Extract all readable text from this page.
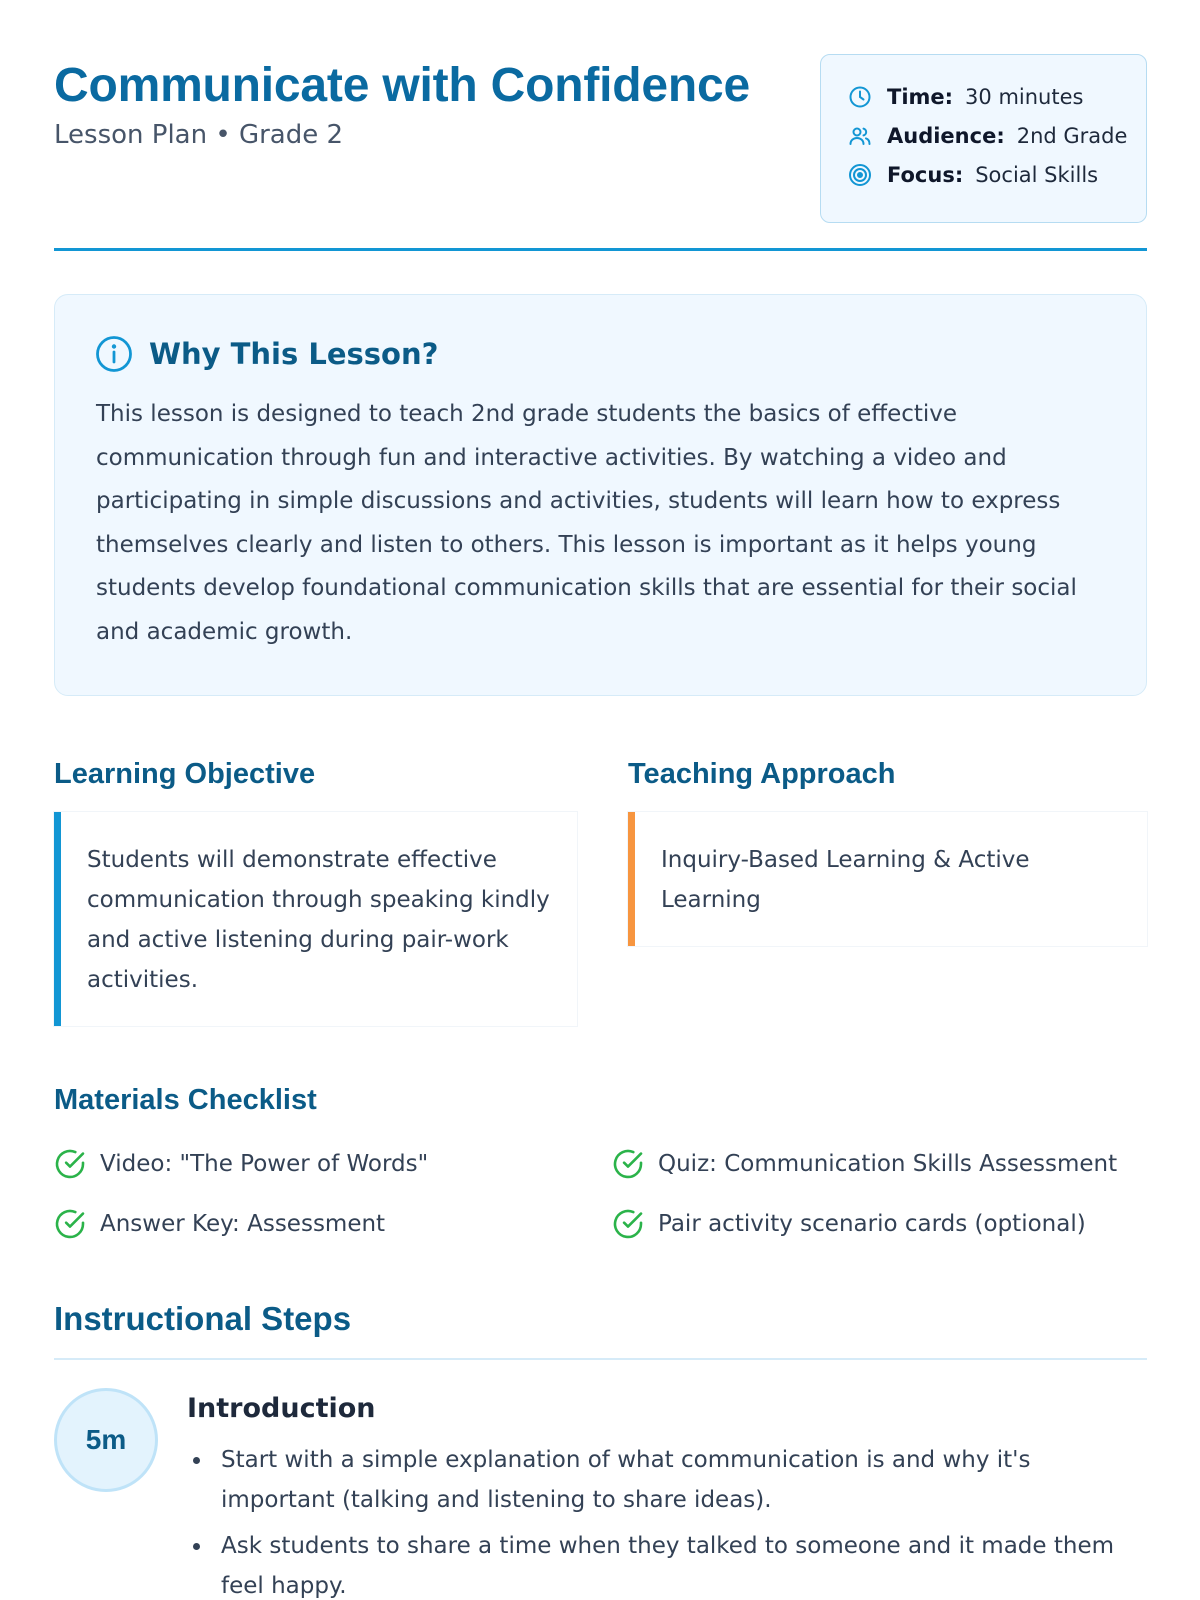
Communicate with Confidence
Lesson Plan • Grade 2
Time: 30 minutes
Audience: 2nd Grade
Focus: Social Skills
Why This Lesson?

This lesson is designed to teach 2nd grade students the basics of effective communication through fun and interactive activities. By watching a video and participating in simple discussions and activities, students will learn how to express themselves clearly and listen to others. This lesson is important as it helps young students develop foundational communication skills that are essential for their social and academic growth.

Learning Objective

Students will demonstrate effective communication through speaking kindly and active listening during pair-work activities.

Teaching Approach

Inquiry-Based Learning & Active Learning

Materials Checklist
Video: "The Power of Words"	Quiz: Communication Skills Assessment
Answer Key: Assessment	Pair activity scenario cards (optional)
Instructional Steps
5m
Introduction
Start with a simple explanation of what communication is and why it's important (talking and listening to share ideas).
Ask students to share a time when they talked to someone and it made them feel happy.
